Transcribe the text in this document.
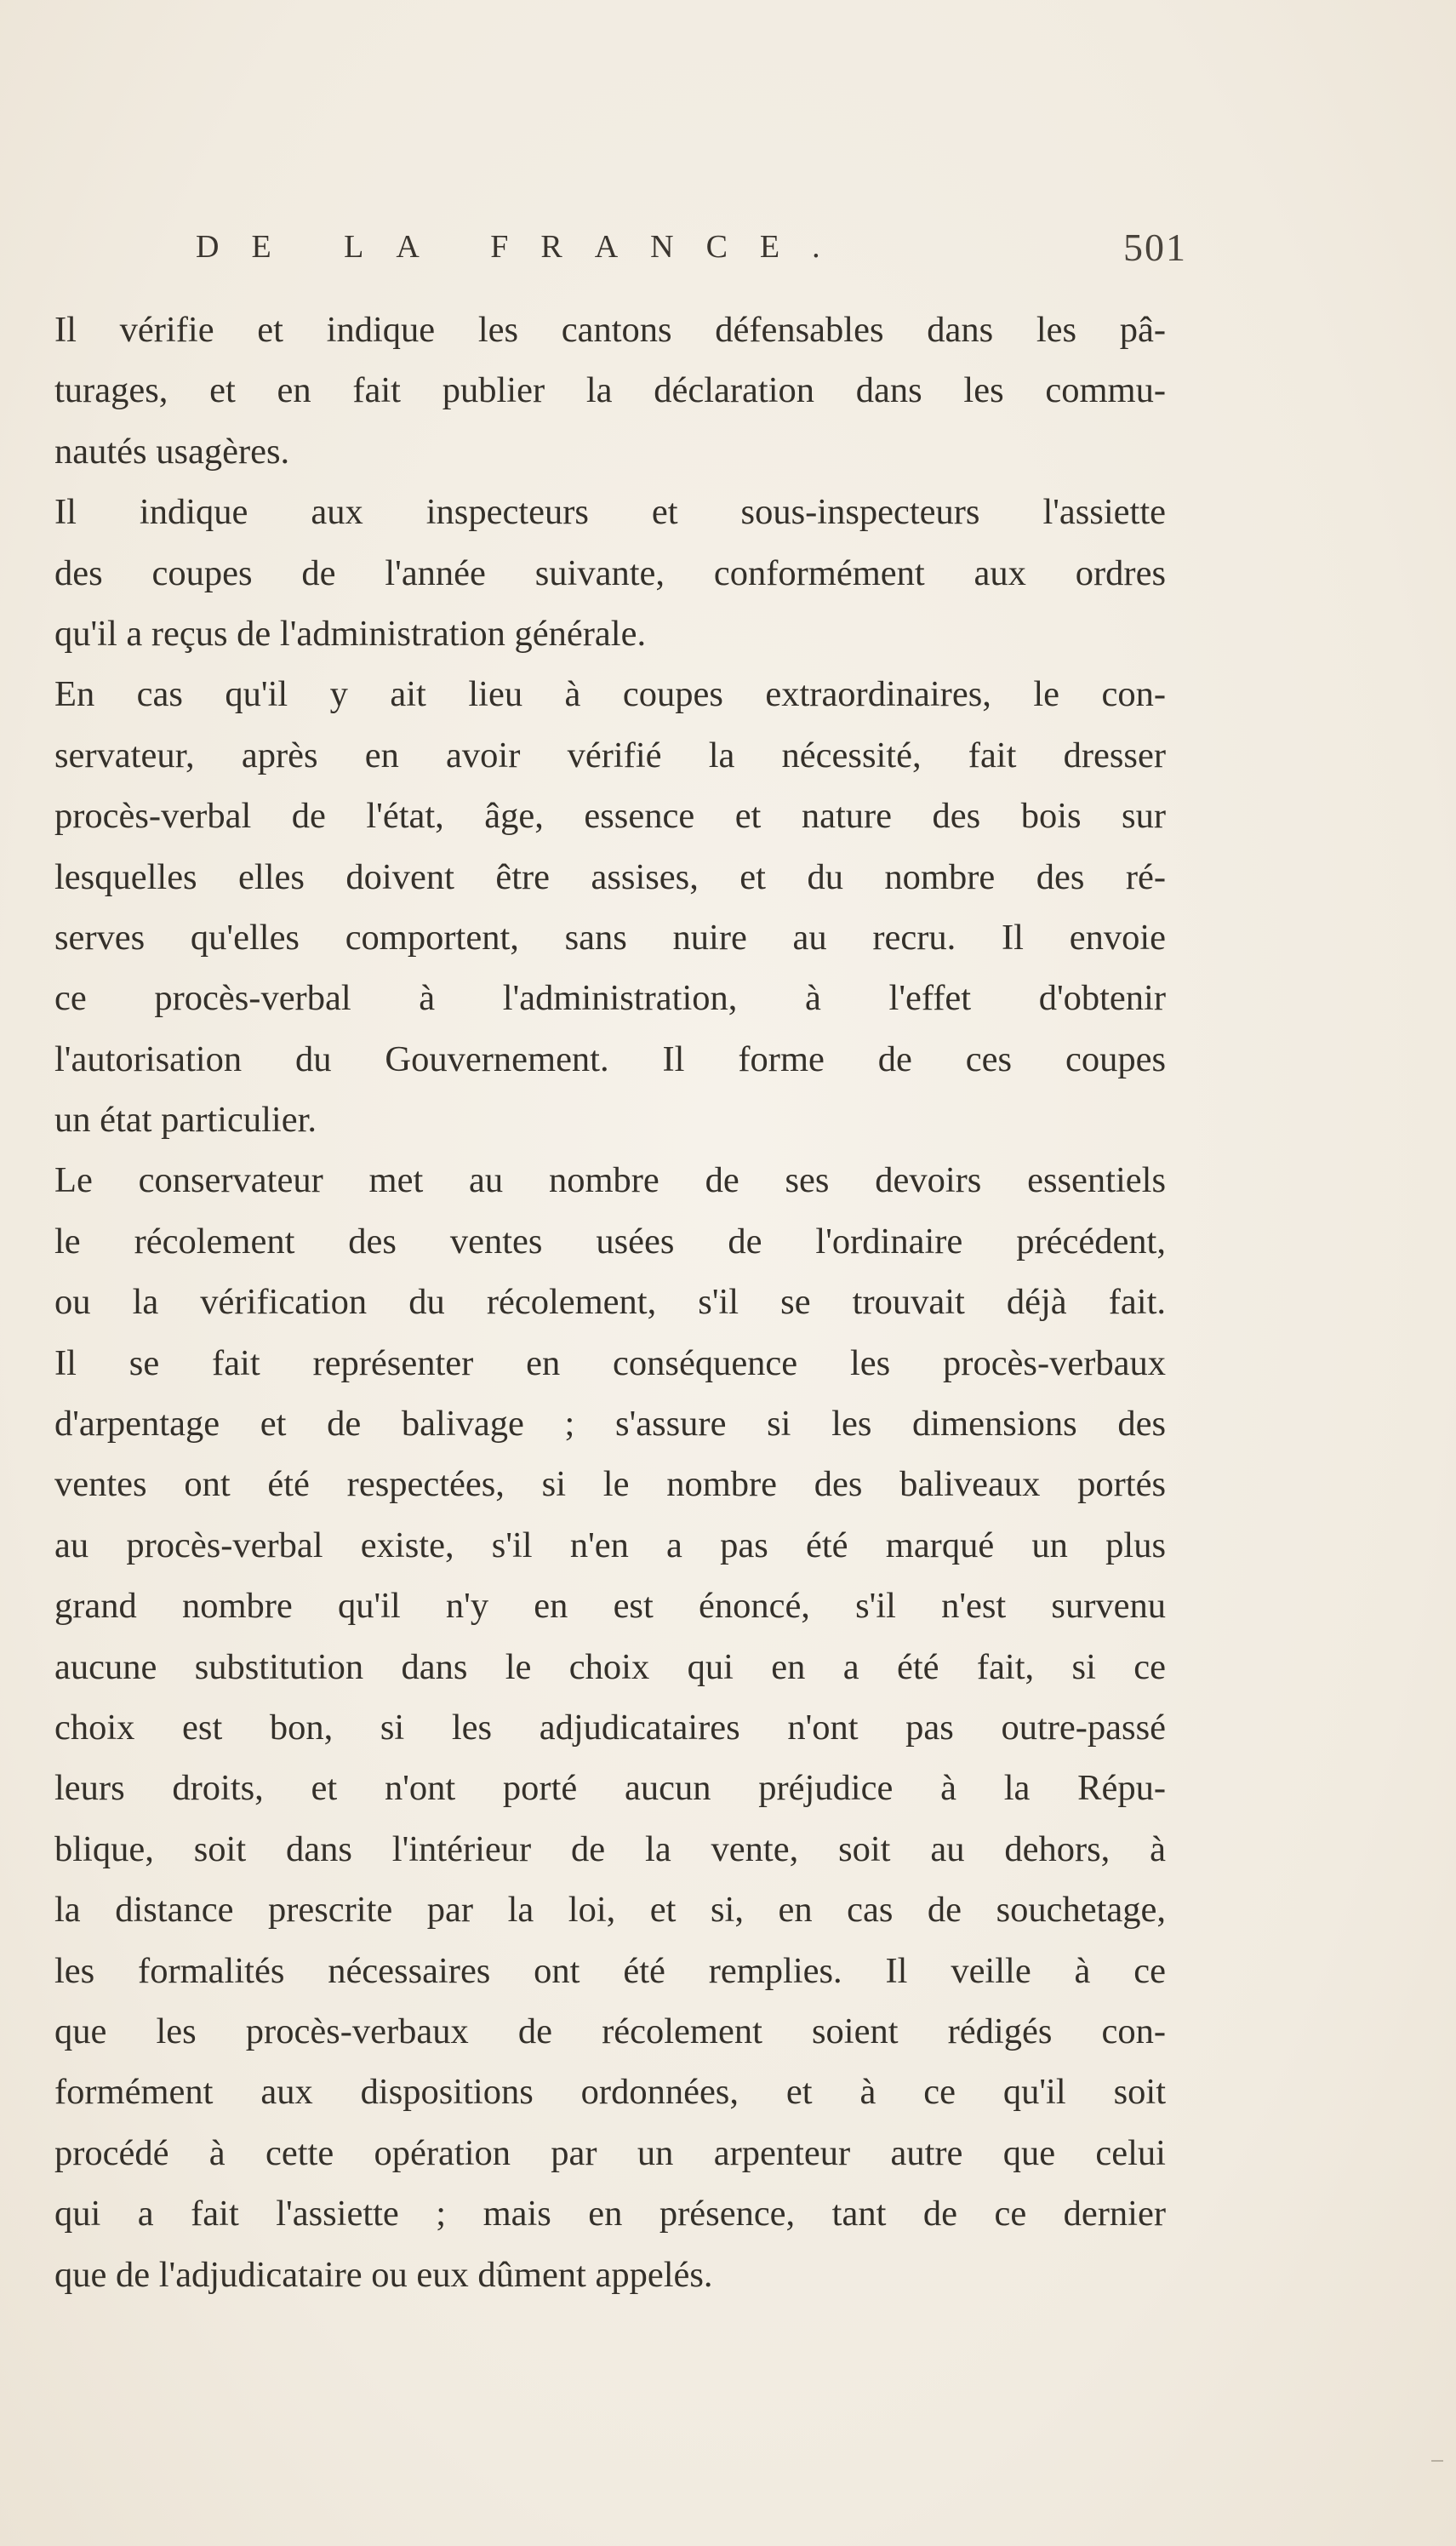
DE LA FRANCE.	501
Il vérifie et indique les cantons défensables dans les pâ-
turages, et en fait publier la déclaration dans les commu-
nautés usagères.
Il indique aux inspecteurs et sous-inspecteurs l'assiette
des coupes de l'année suivante, conformément aux ordres
qu'il a reçus de l'administration générale.
En cas qu'il y ait lieu à coupes extraordinaires, le con-
servateur, après en avoir vérifié la nécessité, fait dresser
procès-verbal de l'état, âge, essence et nature des bois sur
lesquelles elles doivent être assises, et du nombre des ré-
serves qu'elles comportent, sans nuire au recru. Il envoie
ce procès-verbal à l'administration, à l'effet d'obtenir
l'autorisation du Gouvernement. Il forme de ces coupes
un état particulier.
Le conservateur met au nombre de ses devoirs essentiels
le récolement des ventes usées de l'ordinaire précédent,
ou la vérification du récolement, s'il se trouvait déjà fait.
Il se fait représenter en conséquence les procès-verbaux
d'arpentage et de balivage ; s'assure si les dimensions des
ventes ont été respectées, si le nombre des baliveaux portés
au procès-verbal existe, s'il n'en a pas été marqué un plus
grand nombre qu'il n'y en est énoncé, s'il n'est survenu
aucune substitution dans le choix qui en a été fait, si ce
choix est bon, si les adjudicataires n'ont pas outre-passé
leurs droits, et n'ont porté aucun préjudice à la Répu-
blique, soit dans l'intérieur de la vente, soit au dehors, à
la distance prescrite par la loi, et si, en cas de souchetage,
les formalités nécessaires ont été remplies. Il veille à ce
que les procès-verbaux de récolement soient rédigés con-
formément aux dispositions ordonnées, et à ce qu'il soit
procédé à cette opération par un arpenteur autre que celui
qui a fait l'assiette ; mais en présence, tant de ce dernier
que de l'adjudicataire ou eux dûment appelés.
